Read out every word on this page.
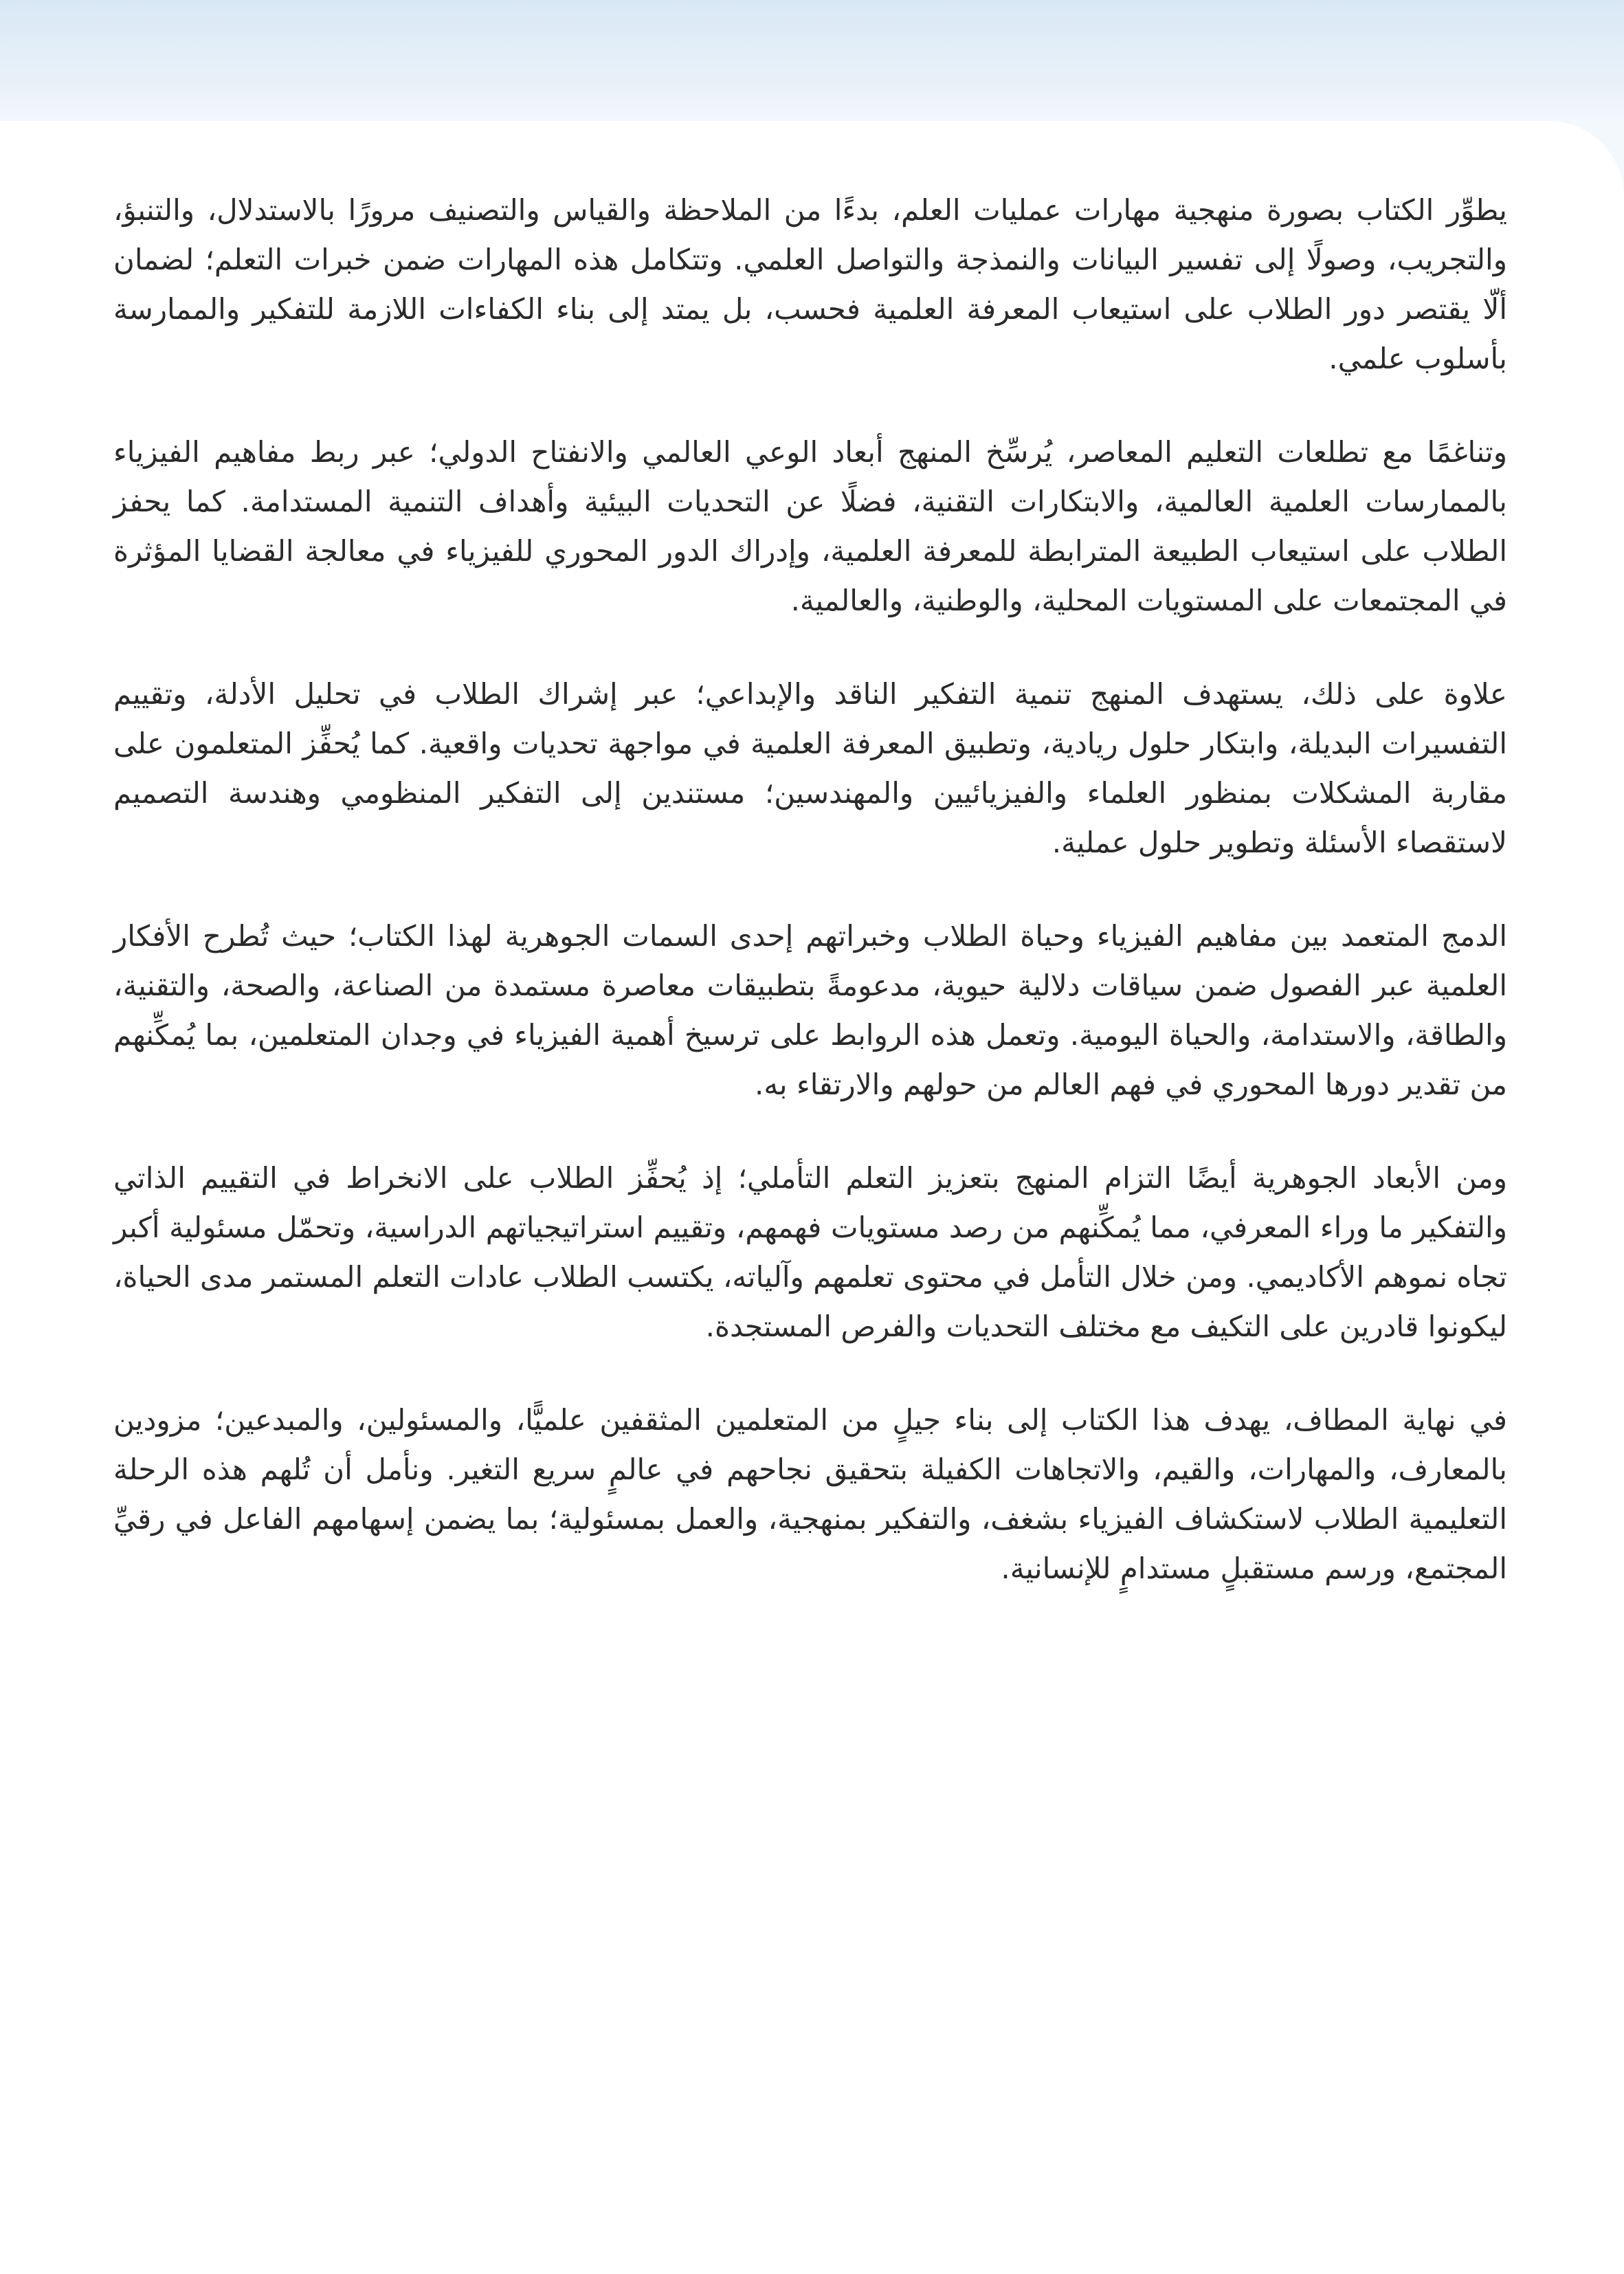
يطوِّر الكتاب بصورة منهجية مهارات عمليات العلم، بدءًا من الملاحظة والقياس والتصنيف مرورًا بالاستدلال، والتنبؤ، والتجريب، وصولًا إلى تفسير البيانات والنمذجة والتواصل العلمي. وتتكامل هذه المهارات ضمن خبرات التعلم؛ لضمان ألّا يقتصر دور الطلاب على استيعاب المعرفة العلمية فحسب، بل يمتد إلى بناء الكفاءات اللازمة للتفكير والممارسة بأسلوب علمي.

وتناغمًا مع تطلعات التعليم المعاصر، يُرسِّخ المنهج أبعاد الوعي العالمي والانفتاح الدولي؛ عبر ربط مفاهيم الفيزياء بالممارسات العلمية العالمية، والابتكارات التقنية، فضلًا عن التحديات البيئية وأهداف التنمية المستدامة. كما يحفز الطلاب على استيعاب الطبيعة المترابطة للمعرفة العلمية، وإدراك الدور المحوري للفيزياء في معالجة القضايا المؤثرة في المجتمعات على المستويات المحلية، والوطنية، والعالمية.

علاوة على ذلك، يستهدف المنهج تنمية التفكير الناقد والإبداعي؛ عبر إشراك الطلاب في تحليل الأدلة، وتقييم التفسيرات البديلة، وابتكار حلول ريادية، وتطبيق المعرفة العلمية في مواجهة تحديات واقعية. كما يُحفِّز المتعلمون على مقاربة المشكلات بمنظور العلماء والفيزيائيين والمهندسين؛ مستندين إلى التفكير المنظومي وهندسة التصميم لاستقصاء الأسئلة وتطوير حلول عملية.

الدمج المتعمد بين مفاهيم الفيزياء وحياة الطلاب وخبراتهم إحدى السمات الجوهرية لهذا الكتاب؛ حيث تُطرح الأفكار العلمية عبر الفصول ضمن سياقات دلالية حيوية، مدعومةً بتطبيقات معاصرة مستمدة من الصناعة، والصحة، والتقنية، والطاقة، والاستدامة، والحياة اليومية. وتعمل هذه الروابط على ترسيخ أهمية الفيزياء في وجدان المتعلمين، بما يُمكِّنهم من تقدير دورها المحوري في فهم العالم من حولهم والارتقاء به.

ومن الأبعاد الجوهرية أيضًا التزام المنهج بتعزيز التعلم التأملي؛ إذ يُحفِّز الطلاب على الانخراط في التقييم الذاتي والتفكير ما وراء المعرفي، مما يُمكِّنهم من رصد مستويات فهمهم، وتقييم استراتيجياتهم الدراسية، وتحمّل مسئولية أكبر تجاه نموهم الأكاديمي. ومن خلال التأمل في محتوى تعلمهم وآلياته، يكتسب الطلاب عادات التعلم المستمر مدى الحياة، ليكونوا قادرين على التكيف مع مختلف التحديات والفرص المستجدة.

في نهاية المطاف، يهدف هذا الكتاب إلى بناء جيلٍ من المتعلمين المثقفين علميًّا، والمسئولين، والمبدعين؛ مزودين بالمعارف، والمهارات، والقيم، والاتجاهات الكفيلة بتحقيق نجاحهم في عالمٍ سريع التغير. ونأمل أن تُلهم هذه الرحلة التعليمية الطلاب لاستكشاف الفيزياء بشغف، والتفكير بمنهجية، والعمل بمسئولية؛ بما يضمن إسهامهم الفاعل في رقيِّ المجتمع، ورسم مستقبلٍ مستدامٍ للإنسانية.
